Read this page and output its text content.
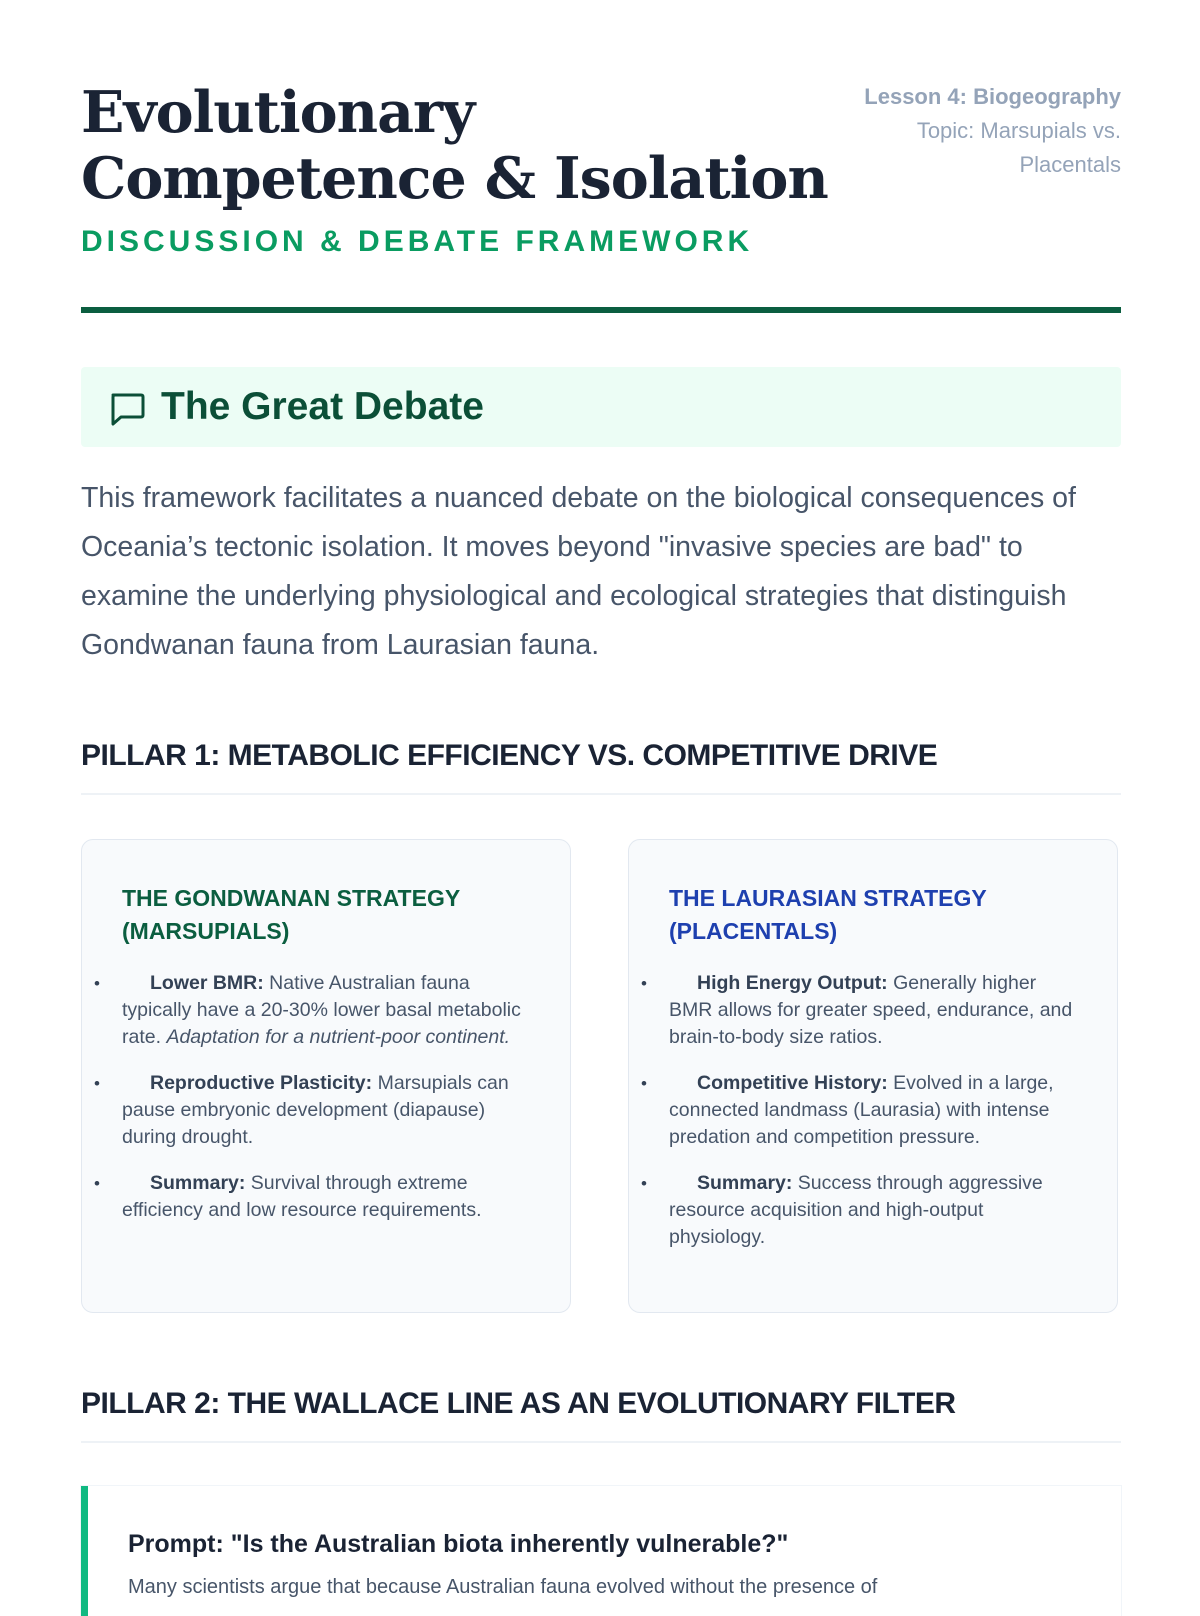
Evolutionary Competence & Isolation
DISCUSSION & DEBATE FRAMEWORK
Lesson 4: Biogeography
Topic: Marsupials vs. Placentals
The Great Debate

This framework facilitates a nuanced debate on the biological consequences of Oceania’s tectonic isolation. It moves beyond "invasive species are bad" to examine the underlying physiological and ecological strategies that distinguish Gondwanan fauna from Laurasian fauna.

PILLAR 1: METABOLIC EFFICIENCY VS. COMPETITIVE DRIVE
THE GONDWANAN STRATEGY (MARSUPIALS)
• Lower BMR: Native Australian fauna typically have a 20-30% lower basal metabolic rate. Adaptation for a nutrient-poor continent.
• Reproductive Plasticity: Marsupials can pause embryonic development (diapause) during drought.
• Summary: Survival through extreme efficiency and low resource requirements.
THE LAURASIAN STRATEGY (PLACENTALS)
• High Energy Output: Generally higher BMR allows for greater speed, endurance, and brain-to-body size ratios.
• Competitive History: Evolved in a large, connected landmass (Laurasia) with intense predation and competition pressure.
• Summary: Success through aggressive resource acquisition and high-output physiology.
PILLAR 2: THE WALLACE LINE AS AN EVOLUTIONARY FILTER
Prompt: "Is the Australian biota inherently vulnerable?"

Many scientists argue that because Australian fauna evolved without the presence of
